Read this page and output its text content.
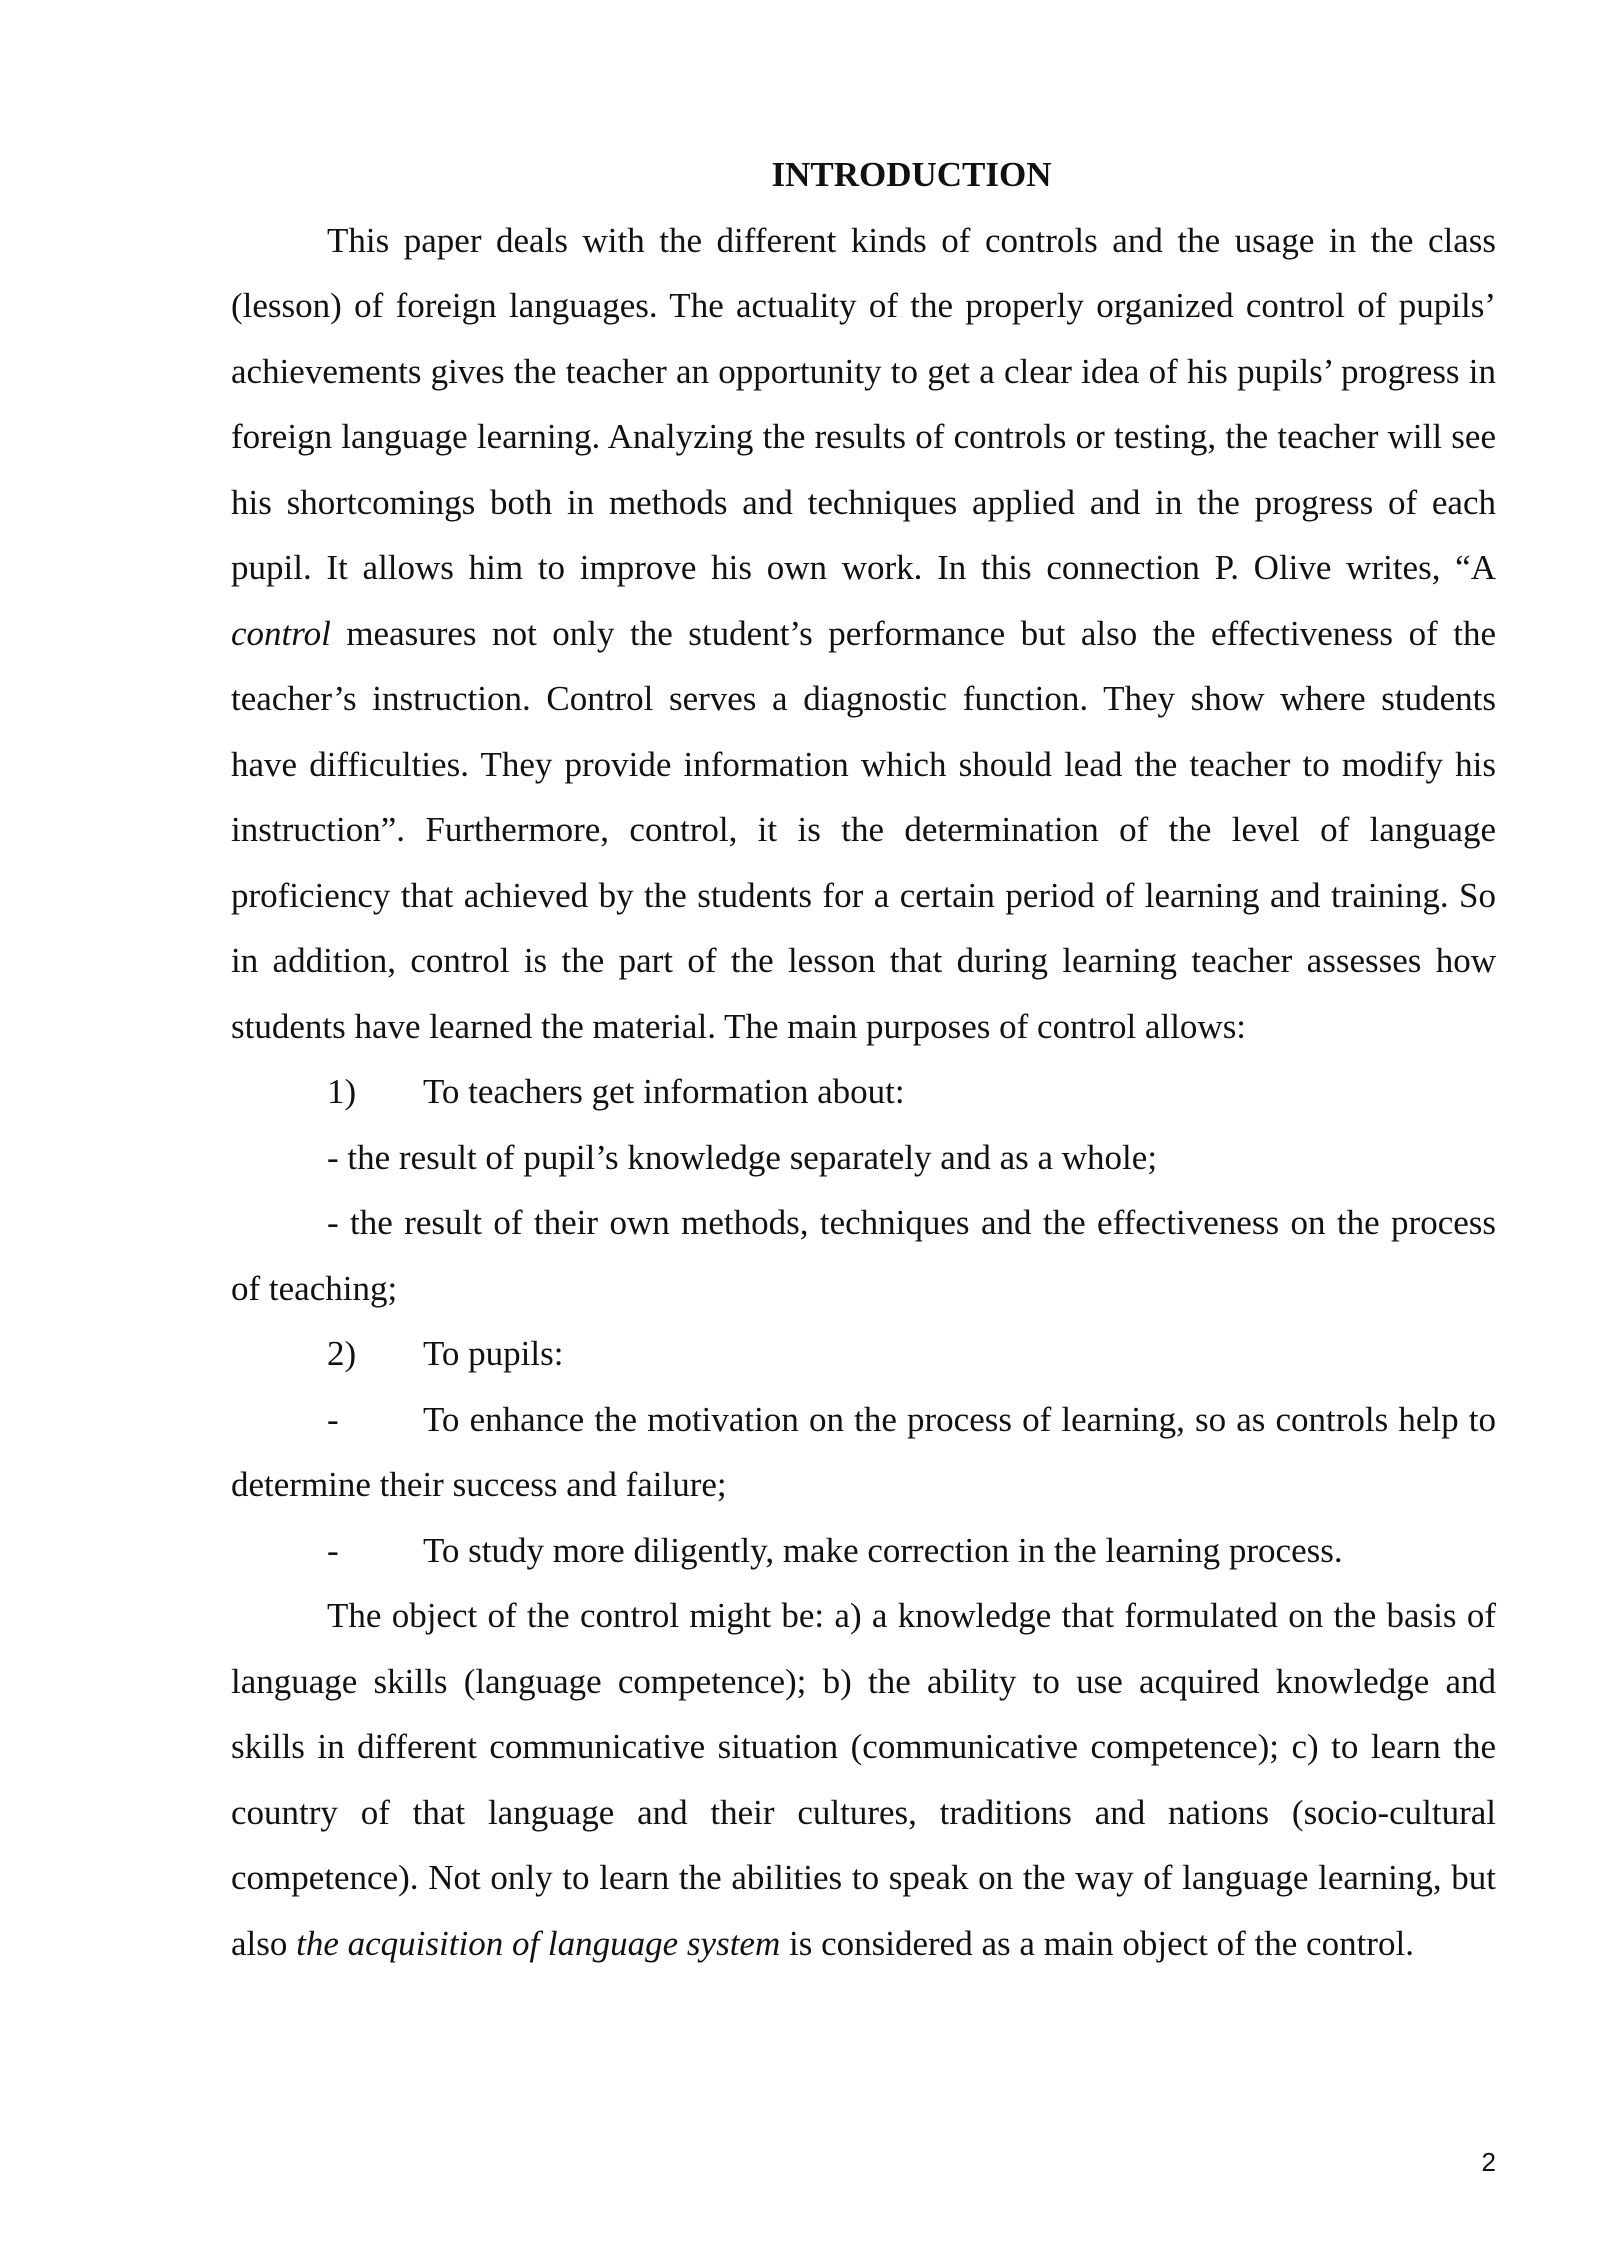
INTRODUCTION

This paper deals with the different kinds of controls and the usage in the class (lesson) of foreign languages. The actuality of the properly organized control of pupils’ achievements gives the teacher an opportunity to get a clear idea of his pupils’ progress in foreign language learning. Analyzing the results of controls or testing, the teacher will see his shortcomings both in methods and techniques applied and in the progress of each pupil. It allows him to improve his own work. In this connection P. Olive writes, “A control measures not only the student’s performance but also the effectiveness of the teacher’s instruction. Control serves a diagnostic function. They show where students have difficulties. They provide information which should lead the teacher to modify his instruction”. Furthermore, control, it is the determination of the level of language proficiency that achieved by the students for a certain period of learning and training. So in addition, control is the part of the lesson that during learning teacher assesses how students have learned the material. The main purposes of control allows:

1) To teachers get information about:

- the result of pupil’s knowledge separately and as a whole;

- the result of their own methods, techniques and the effectiveness on the process of teaching;

2) To pupils:
- To enhance the motivation on the process of learning, so as controls help to determine their success and failure;
- To study more diligently, make correction in the learning process.

The object of the control might be: a) a knowledge that formulated on the basis of language skills (language competence); b) the ability to use acquired knowledge and skills in different communicative situation (communicative competence); c) to learn the country of that language and their cultures, traditions and nations (socio-cultural competence). Not only to learn the abilities to speak on the way of language learning, but also the acquisition of language system is considered as a main object of the control.

2
